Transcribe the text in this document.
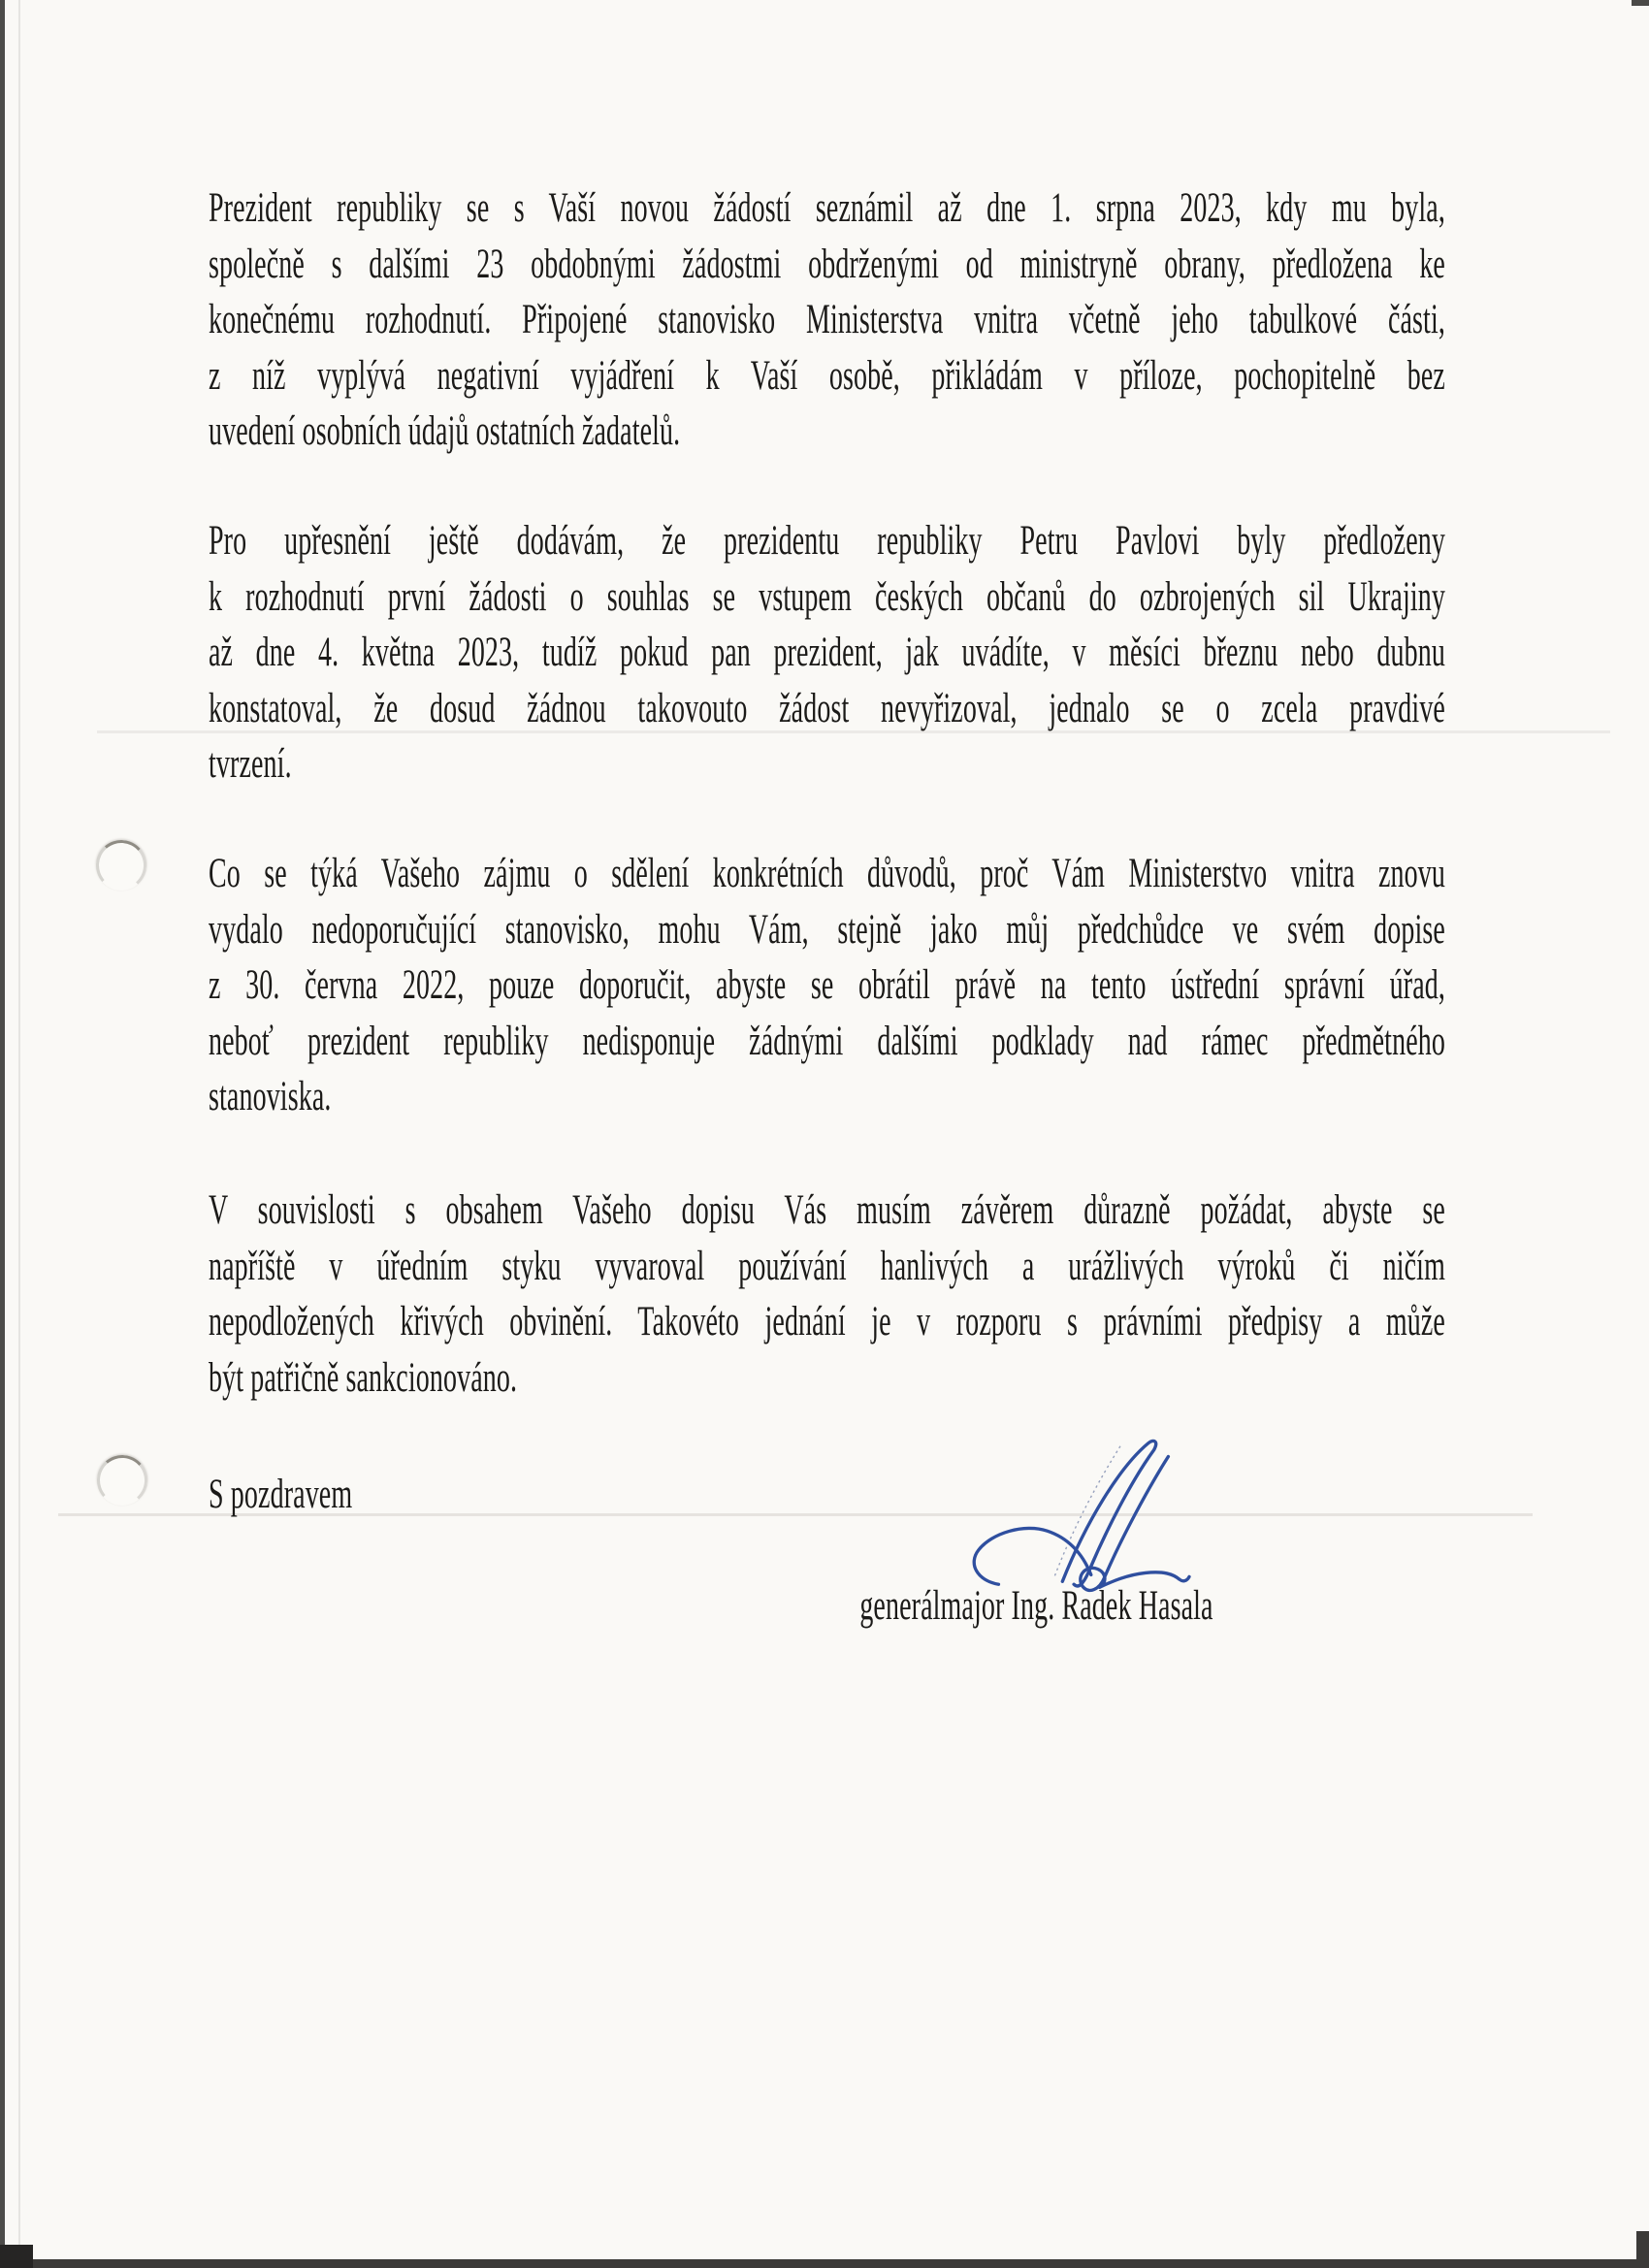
Prezident republiky se s Vaší novou žádostí seznámil až dne 1. srpna 2023, kdy mu byla,
společně s dalšími 23 obdobnými žádostmi obdrženými od ministryně obrany, předložena ke
konečnému rozhodnutí. Připojené stanovisko Ministerstva vnitra včetně jeho tabulkové části,
z níž vyplývá negativní vyjádření k Vaší osobě, přikládám v příloze, pochopitelně bez
uvedení osobních údajů ostatních žadatelů.
Pro upřesnění ještě dodávám, že prezidentu republiky Petru Pavlovi byly předloženy
k rozhodnutí první žádosti o souhlas se vstupem českých občanů do ozbrojených sil Ukrajiny
až dne 4. května 2023, tudíž pokud pan prezident, jak uvádíte, v měsíci březnu nebo dubnu
konstatoval, že dosud žádnou takovouto žádost nevyřizoval, jednalo se o zcela pravdivé
tvrzení.
Co se týká Vašeho zájmu o sdělení konkrétních důvodů, proč Vám Ministerstvo vnitra znovu
vydalo nedoporučující stanovisko, mohu Vám, stejně jako můj předchůdce ve svém dopise
z 30. června 2022, pouze doporučit, abyste se obrátil právě na tento ústřední správní úřad,
neboť prezident republiky nedisponuje žádnými dalšími podklady nad rámec předmětného
stanoviska.
V souvislosti s obsahem Vašeho dopisu Vás musím závěrem důrazně požádat, abyste se
napříště v úředním styku vyvaroval používání hanlivých a urážlivých výroků či ničím
nepodložených křivých obvinění. Takovéto jednání je v rozporu s právními předpisy a může
být patřičně sankcionováno.
S pozdravem
generálmajor Ing. Radek Hasala
